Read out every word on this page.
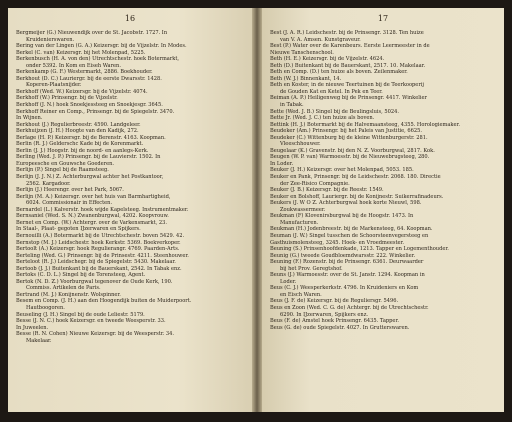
16
Bergmeijer (G.) Nieuwendijk over de St. Jacobstr. 1727. In
Kruidenierswaren.
Bering van der Lingen (G. A.) Keizersgr. bij de Vijzelstr. In Modes.
Berkel (C. van) Keizersgr. bij het Molenpad, 5225.
Berkenbusch (H. A. von den) Utrechtschestr. hoek Botermarkt,
onder 5392. In Kom en Eiseh Waren.
Berkenkamp (G. F.) Westermarkt, 2886. Boekhouder.
Berkhout (D. C.) Lauriergr. bij de eerste Dwarsstr. 1428.
Koperen-Plaatsnijder.
Berkhoff (Wed. W.) Keizersgr. bij de Vijzelstr. 4074.
Berkhoff (W.) Prinsengr. bij de Vijzelstr.
Berkhoff (J. N.) hoek Snoekjessteeg en Snoekjesgr. 3645.
Berkhoff Reiner en Comp., Prinsengr. bij de Spiegelstr. 3470.
In Wijnen.
Berkhout (J.) Regulierbreestr. 4590. Landgeleer.
Berkhuijzen (J. H.) Hoogte van den Kadijk, 272.
Berlage (H. P.) Keizersgr. bij de Berenstr. 4163. Koopman.
Berlin (R. J.) Gelderschc Kade bij de Korenmarkt.
Berlin (J. J.) Hoogstr. bij de noord- en aanlegs-Kerk.
Berling (Wed. J. P.) Prinsengr. bij de Lauvierstr. 1502. In
Europeesche en Gouwsche Goederen.
Berlijn (P.) Singel bij de Raamsteeg.
Berlijn (J. J. N.) Z. Achterburgwal achter het Postkantoor,
2562. Kargadoor.
Berlijn (J.) Heerengr. over het Park, 5067.
Berlijn (M. A.) Keizersgr. over het huis van Barmhartigheid,
6024. Commissionair in Effecten.
Bernardel (L.) Kalverstr. hoek wijde Kapelsteeg. Instrumentmaker.
Bernsaniel (Wed. S. N.) Zwanenburgwal, 4202. Koopvrouw.
Bernet en Comp. (W.) Achtergr. over de Varkensmarkt, 23.
In Staal-, Plaat- gegoten IJzerwaren en Spijkers.
Bernouilli (A.) Botermarkt bij de Utrechtschestr. boven 5429. 42.
Bernstop (M. J.) Leidschestr. hoek Kerkstr. 5369. Boekverkoper.
Bertoolt (A.) Keizersgr. hoek Regulierangr. 4769. Paarden-Arts.
Berteling (Wed. G.) Prinsengr. bij de Prinsestr. 4211. Steenhouwer.
Berteloot (R. J.) Leidschegr. bij de Spiegelstr. 5430. Makelaar.
Bertoob (J. J.) Buitenkant bij de Bauerskant, 2542. In Tabak enz.
Bertoks (C. D. L.) Singel bij de Torensteeg, Agent.
Bertok (N. D. Z.) Voorburgwal tegenover de Oude Kerk, 190.
Commiss. Artikelen de Paris.
Bertrand (M. J.) Konijnenstr. Wolspinner.
Besem en Comp. (J. H.) aan den Hoogendijk buiten de Muiderpoort.
Hautboogoren.
Beuseling (J. H.) Singel bij de oude Leliestr. 5179.
Besse (J. N. C.) hoek Keizersgr. en tweede Weesperstr. 33.
In Juweelen.
Besse (R. N. Cohen) Nieuwe Keizersgr. bij de Weesperstr. 34.
Makelaar.
17
Best (J. A. R.) Leidschestr. bij de Prinsengr. 3128. Ten huize
van V. A. Amsen. Kunstgraveur.
Best (P.) Water over de Karenbeurs. Eerste Leermeester in de
Nieuwe Tanschenschool.
Beth (H. E.) Keizersgr. bij de Vijzelstr. 4624.
Beth (D.) Buitenkant bij de Bauerskant, 2517. 10. Makelaar.
Beth en Comp. (D.) ten huize als boven. Zeilenmaker.
Beth (W. J.) Binnenkant, 14.
Beth en Koster, in de nieuwe Teertuinen bij de Teerkooperij
de Gouden Kat en Ketel. In Pek en Teer.
Beiman (A. P.) Heiligenweg bij de Prinsengr. 4417. Winkelier
in Tabak.
Bette (Wed. J. B.) Singel bij de Beulingsluis, 5024.
Bette Jr. (Wed. J. C.) ten huize als boven.
Bettink (H. J.) Botermarkt bij de Halvemaansteeg, 4355. Horologiemaker.
Beudeker (Am.) Prinsengr. bij het Paleis van Justitie, 6625.
Beudeker (C.) Wittenburg bij de kleine Wittenburgerstr. 281.
Vleeschhouwer.
Beugelaar (K.) Gravenstr. bij den N. Z. Voorburgwal, 2817. Kok.
Beugen (W. P. van) Warmoesstr. bij de Nieuwebrugsteeg, 280.
In Loder.
Beuker (J. H.) Keizersgr. over het Molenpad, 5053. 185.
Beuker en Pank, Prinsengr. bij de Leidschestr. 2068. 180. Directie
der Zee-Risico Compagnie.
Beuker (J. B.) Keizersgr. bij de Reestr. 1549.
Beuker en Bolshoff, Lauriergr. bij de Konijnestr. Suikerrafinadeurs.
Beukers (J. W O Z. Achterburgwal hoek korte Nieuwl, 598.
Zoukwassermeer.
Beukman (F) Klovenirsburgwal bij de Hoogstr. 1473. In
Manufacturen.
Beukman (H.) Jodenbreestr. bij de Markensteeg, 64. Koopman.
Beuman (J. W.) Singel tusschen de Schoorsteenvegersteeg en
Gasthuismolensteeg, 3245. Hoek- en Vroedmeester.
Beuning (S.) Prinsenhoofdenkade, 1213. Tapper en Logementhouder.
Beunig (G.) tweede Goudbloemdwarsstr. 222. Winkelier.
Beuning (F.) Rozenstr. bij de Prinsengr. 6361. Deurwaarder
bij het Prov. Geregtshof.
Beuns (J.) Warmoesstr. over de St. Janstr. 1294. Koopman in
Loder.
Beus (C. J.) Weesperkerkstr. 4796. In Kruideniers en Kom
en Eisch Waren.
Beus (J. F. de) Keizersgr. bij de Reguliersgr. 5496.
Beus en Zoon (Wed. C. G. de) Achtergr. bij de Utrechtschestr.
6290. In IJzerwaren, Spijkers enz.
Beus (F. de) Amstel hoek Prinsengr. 6435. Tapper.
Beus (G. de) oude Spiegelstr. 4027. In Grutterswaren.
